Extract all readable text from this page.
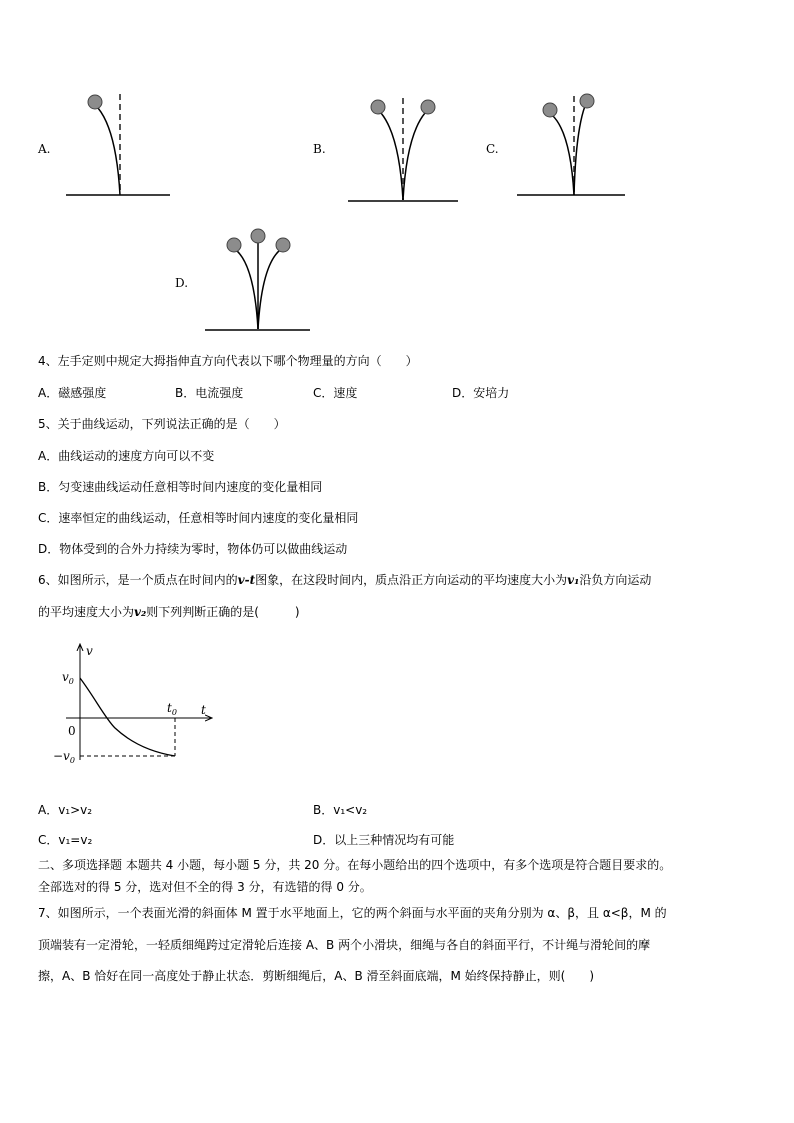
A.	B.	C.
D.
4、左手定则中规定大拇指伸直方向代表以下哪个物理量的方向（　　）
A．磁感强度	B．电流强度	C．速度	D．安培力
5、关于曲线运动，下列说法正确的是（　　）
A．曲线运动的速度方向可以不变
B．匀变速曲线运动任意相等时间内速度的变化量相同
C．速率恒定的曲线运动，任意相等时间内速度的变化量相同
D．物体受到的合外力持续为零时，物体仍可以做曲线运动
6、如图所示，是一个质点在时间内的v-t图象，在这段时间内，质点沿正方向运动的平均速度大小为v₁沿负方向运动
的平均速度大小为v₂则下列判断正确的是(　　　)
v
t
$v_0$
0
$-v_0$
$t_0$
A．v₁>v₂	B．v₁<v₂
C．v₁=v₂	D．以上三种情况均有可能
二、多项选择题 本题共 4 小题，每小题 5 分，共 20 分。在每小题给出的四个选项中，有多个选项是符合题目要求的。
全部选对的得 5 分，选对但不全的得 3 分，有选错的得 0 分。
7、如图所示，一个表面光滑的斜面体 M 置于水平地面上，它的两个斜面与水平面的夹角分别为 α、β，且 α<β，M 的
顶端装有一定滑轮，一轻质细绳跨过定滑轮后连接 A、B 两个小滑块，细绳与各自的斜面平行，不计绳与滑轮间的摩
擦，A、B 恰好在同一高度处于静止状态．剪断细绳后，A、B 滑至斜面底端，M 始终保持静止，则(　　)
